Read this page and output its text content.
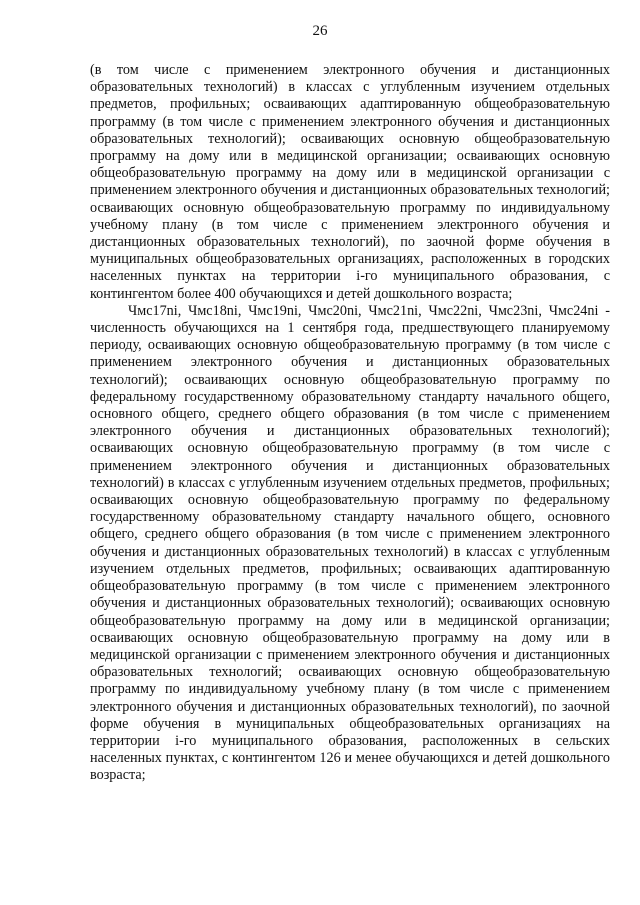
26

(в том числе с применением электронного обучения и дистанционных образовательных технологий) в классах с углубленным изучением отдельных предметов, профильных; осваивающих адаптированную общеобразовательную программу (в том числе с применением электронного обучения и дистанционных образовательных технологий); осваивающих основную общеобразовательную программу на дому или в медицинской организации; осваивающих основную общеобразовательную программу на дому или в медицинской организации с применением электронного обучения и дистанционных образовательных технологий; осваивающих основную общеобразовательную программу по индивидуальному учебному плану (в том числе с применением электронного обучения и дистанционных образовательных технологий), по заочной форме обучения в муниципальных общеобразовательных организациях, расположенных в городских населенных пунктах на территории i-го муниципального образования, с контингентом более 400 обучающихся и детей дошкольного возраста;

Чмс17ni, Чмс18ni, Чмс19ni, Чмс20ni, Чмс21ni, Чмс22ni, Чмс23ni, Чмс24ni - численность обучающихся на 1 сентября года, предшествующего планируемому периоду, осваивающих основную общеобразовательную программу (в том числе с применением электронного обучения и дистанционных образовательных технологий); осваивающих основную общеобразовательную программу по федеральному государственному образовательному стандарту начального общего, основного общего, среднего общего образования (в том числе с применением электронного обучения и дистанционных образовательных технологий); осваивающих основную общеобразовательную программу (в том числе с применением электронного обучения и дистанционных образовательных технологий) в классах с углубленным изучением отдельных предметов, профильных; осваивающих основную общеобразовательную программу по федеральному государственному образовательному стандарту начального общего, основного общего, среднего общего образования (в том числе с применением электронного обучения и дистанционных образовательных технологий) в классах с углубленным изучением отдельных предметов, профильных; осваивающих адаптированную общеобразовательную программу (в том числе с применением электронного обучения и дистанционных образовательных технологий); осваивающих основную общеобразовательную программу на дому или в медицинской организации; осваивающих основную общеобразовательную программу на дому или в медицинской организации с применением электронного обучения и дистанционных образовательных технологий; осваивающих основную общеобразовательную программу по индивидуальному учебному плану (в том числе с применением электронного обучения и дистанционных образовательных технологий), по заочной форме обучения в муниципальных общеобразовательных организациях на территории i-го муниципального образования, расположенных в сельских населенных пунктах, с контингентом 126 и менее обучающихся и детей дошкольного возраста;
